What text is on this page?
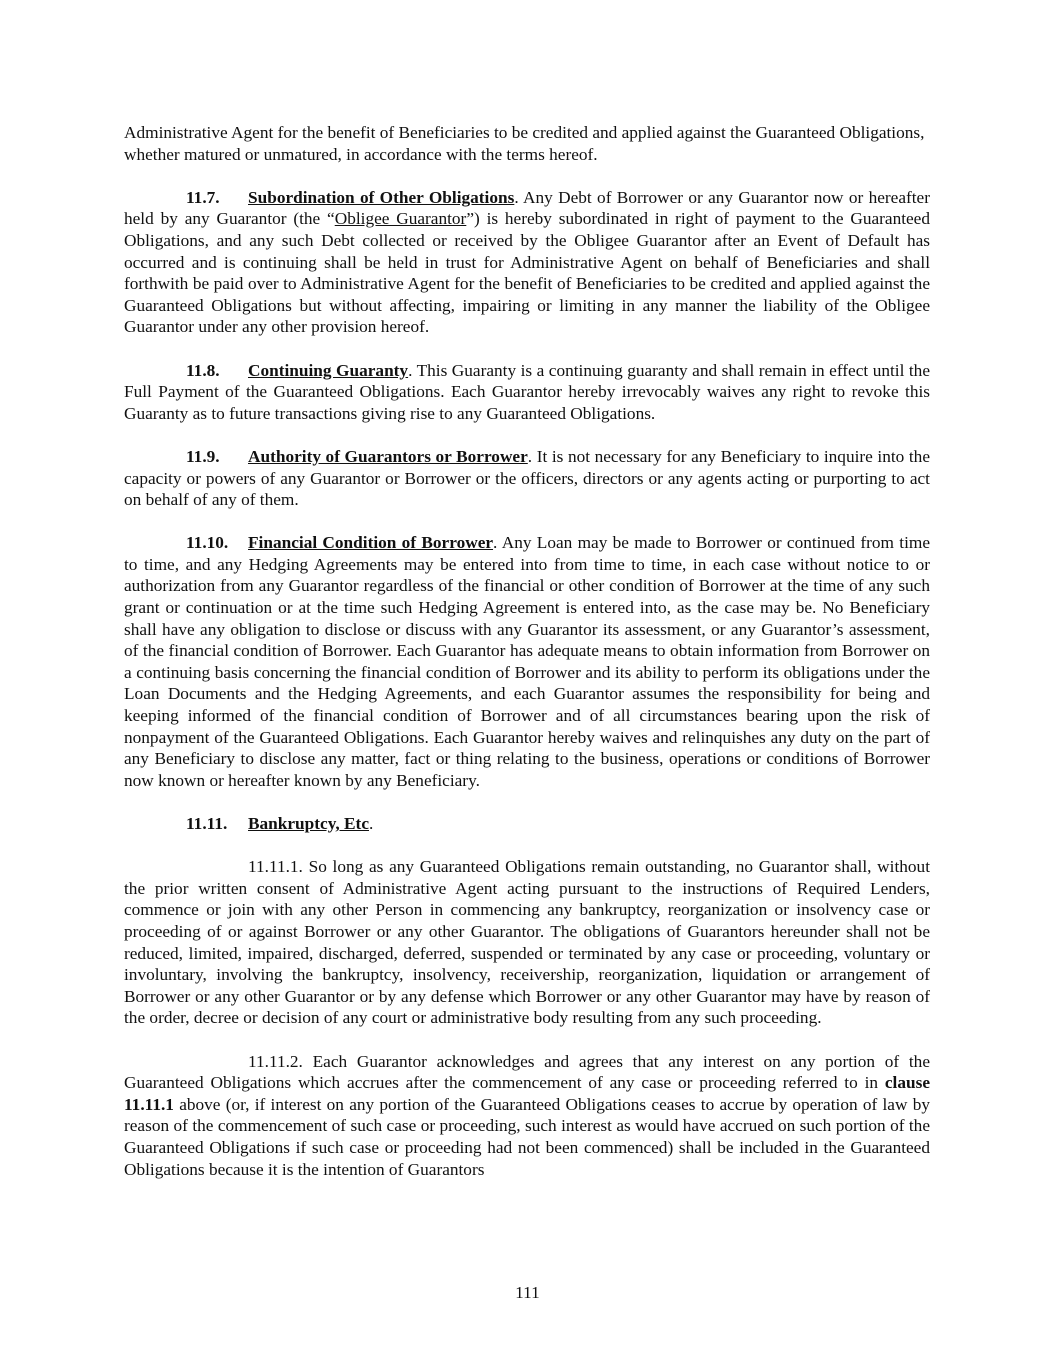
Administrative Agent for the benefit of Beneficiaries to be credited and applied against the Guaranteed Obligations, whether matured or unmatured, in accordance with the terms hereof.

11.7. Subordination of Other Obligations. Any Debt of Borrower or any Guarantor now or hereafter held by any Guarantor (the “Obligee Guarantor”) is hereby subordinated in right of payment to the Guaranteed Obligations, and any such Debt collected or received by the Obligee Guarantor after an Event of Default has occurred and is continuing shall be held in trust for Administrative Agent on behalf of Beneficiaries and shall forthwith be paid over to Administrative Agent for the benefit of Beneficiaries to be credited and applied against the Guaranteed Obligations but without affecting, impairing or limiting in any manner the liability of the Obligee Guarantor under any other provision hereof.

11.8. Continuing Guaranty. This Guaranty is a continuing guaranty and shall remain in effect until the Full Payment of the Guaranteed Obligations. Each Guarantor hereby irrevocably waives any right to revoke this Guaranty as to future transactions giving rise to any Guaranteed Obligations.

11.9. Authority of Guarantors or Borrower. It is not necessary for any Beneficiary to inquire into the capacity or powers of any Guarantor or Borrower or the officers, directors or any agents acting or purporting to act on behalf of any of them.

11.10. Financial Condition of Borrower. Any Loan may be made to Borrower or continued from time to time, and any Hedging Agreements may be entered into from time to time, in each case without notice to or authorization from any Guarantor regardless of the financial or other condition of Borrower at the time of any such grant or continuation or at the time such Hedging Agreement is entered into, as the case may be. No Beneficiary shall have any obligation to disclose or discuss with any Guarantor its assessment, or any Guarantor’s assessment, of the financial condition of Borrower. Each Guarantor has adequate means to obtain information from Borrower on a continuing basis concerning the financial condition of Borrower and its ability to perform its obligations under the Loan Documents and the Hedging Agreements, and each Guarantor assumes the responsibility for being and keeping informed of the financial condition of Borrower and of all circumstances bearing upon the risk of nonpayment of the Guaranteed Obligations. Each Guarantor hereby waives and relinquishes any duty on the part of any Beneficiary to disclose any matter, fact or thing relating to the business, operations or conditions of Borrower now known or hereafter known by any Beneficiary.

11.11. Bankruptcy, Etc.

11.11.1. So long as any Guaranteed Obligations remain outstanding, no Guarantor shall, without the prior written consent of Administrative Agent acting pursuant to the instructions of Required Lenders, commence or join with any other Person in commencing any bankruptcy, reorganization or insolvency case or proceeding of or against Borrower or any other Guarantor. The obligations of Guarantors hereunder shall not be reduced, limited, impaired, discharged, deferred, suspended or terminated by any case or proceeding, voluntary or involuntary, involving the bankruptcy, insolvency, receivership, reorganization, liquidation or arrangement of Borrower or any other Guarantor or by any defense which Borrower or any other Guarantor may have by reason of the order, decree or decision of any court or administrative body resulting from any such proceeding.

11.11.2. Each Guarantor acknowledges and agrees that any interest on any portion of the Guaranteed Obligations which accrues after the commencement of any case or proceeding referred to in clause 11.11.1 above (or, if interest on any portion of the Guaranteed Obligations ceases to accrue by operation of law by reason of the commencement of such case or proceeding, such interest as would have accrued on such portion of the Guaranteed Obligations if such case or proceeding had not been commenced) shall be included in the Guaranteed Obligations because it is the intention of Guarantors

111
